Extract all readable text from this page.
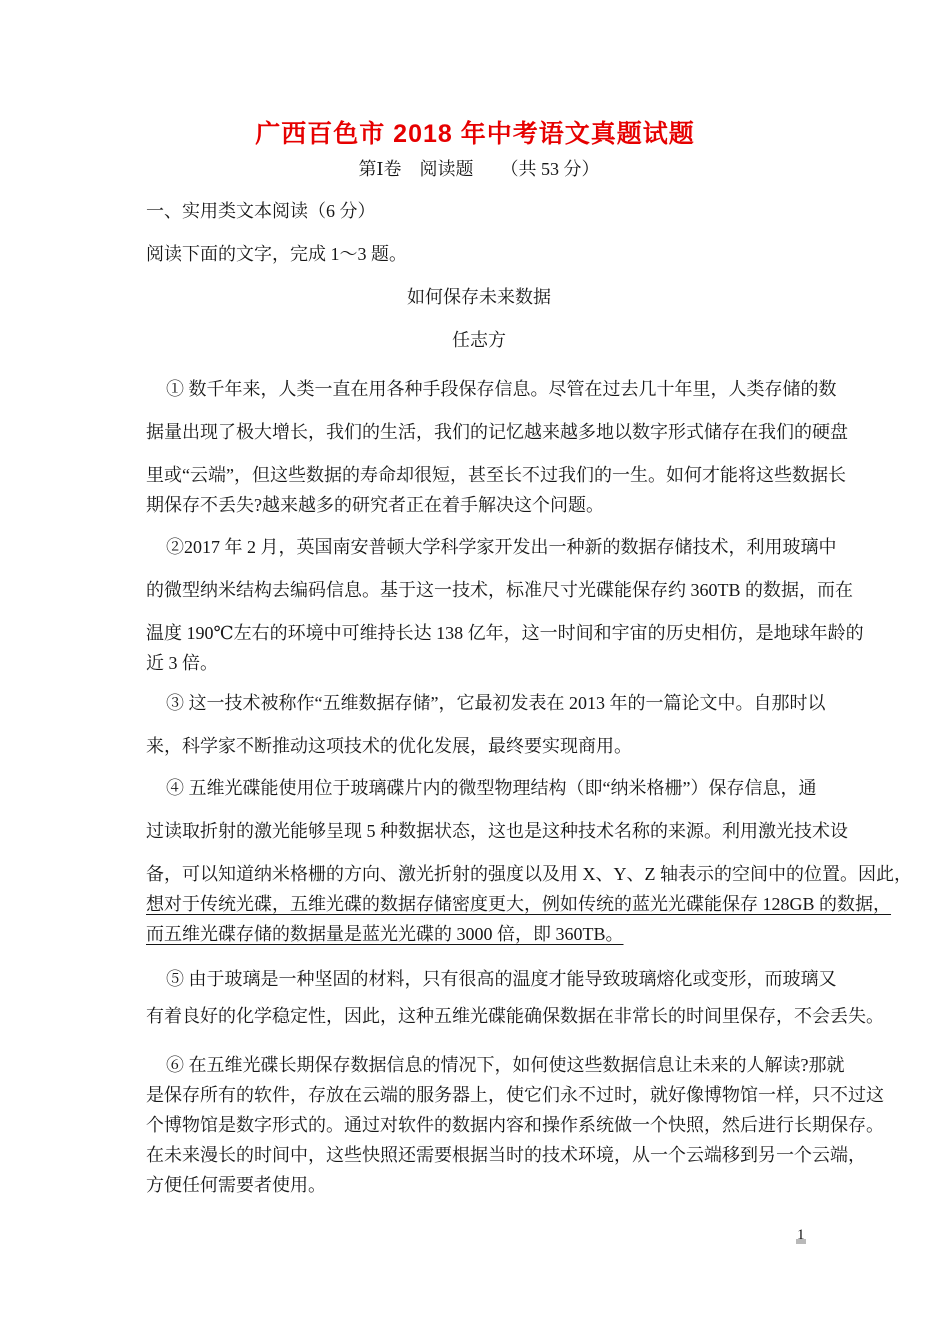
广西百色市 2018 年中考语文真题试题
第Ⅰ卷　阅读题　　（共 53 分）
一、实用类文本阅读（6 分）
阅读下面的文字，完成 1～3 题。
如何保存未来数据
任志方
① 数千年来，人类一直在用各种手段保存信息。尽管在过去几十年里，人类存储的数
据量出现了极大增长，我们的生活，我们的记忆越来越多地以数字形式储存在我们的硬盘
里或“云端”，但这些数据的寿命却很短，甚至长不过我们的一生。如何才能将这些数据长
期保存不丢失?越来越多的研究者正在着手解决这个问题。
②2017 年 2 月，英国南安普顿大学科学家开发出一种新的数据存储技术，利用玻璃中
的微型纳米结构去编码信息。基于这一技术，标准尺寸光碟能保存约 360TB 的数据，而在
温度 190℃左右的环境中可维持长达 138 亿年，这一时间和宇宙的历史相仿，是地球年龄的
近 3 倍。
③ 这一技术被称作“五维数据存储”，它最初发表在 2013 年的一篇论文中。自那时以
来，科学家不断推动这项技术的优化发展，最终要实现商用。
④ 五维光碟能使用位于玻璃碟片内的微型物理结构（即“纳米格栅”）保存信息，通
过读取折射的激光能够呈现 5 种数据状态，这也是这种技术名称的来源。利用激光技术设
备，可以知道纳米格栅的方向、激光折射的强度以及用 X、Y、Z 轴表示的空间中的位置。因此，
想对于传统光碟，五维光碟的数据存储密度更大，例如传统的蓝光光碟能保存 128GB 的数据，
而五维光碟存储的数据量是蓝光光碟的 3000 倍，即 360TB。
⑤ 由于玻璃是一种坚固的材料，只有很高的温度才能导致玻璃熔化或变形，而玻璃又
有着良好的化学稳定性，因此，这种五维光碟能确保数据在非常长的时间里保存，不会丢失。
⑥ 在五维光碟长期保存数据信息的情况下，如何使这些数据信息让未来的人解读?那就
是保存所有的软件，存放在云端的服务器上，使它们永不过时，就好像博物馆一样，只不过这
个博物馆是数字形式的。通过对软件的数据内容和操作系统做一个快照，然后进行长期保存。
在未来漫长的时间中，这些快照还需要根据当时的技术环境，从一个云端移到另一个云端，
方便任何需要者使用。
1
